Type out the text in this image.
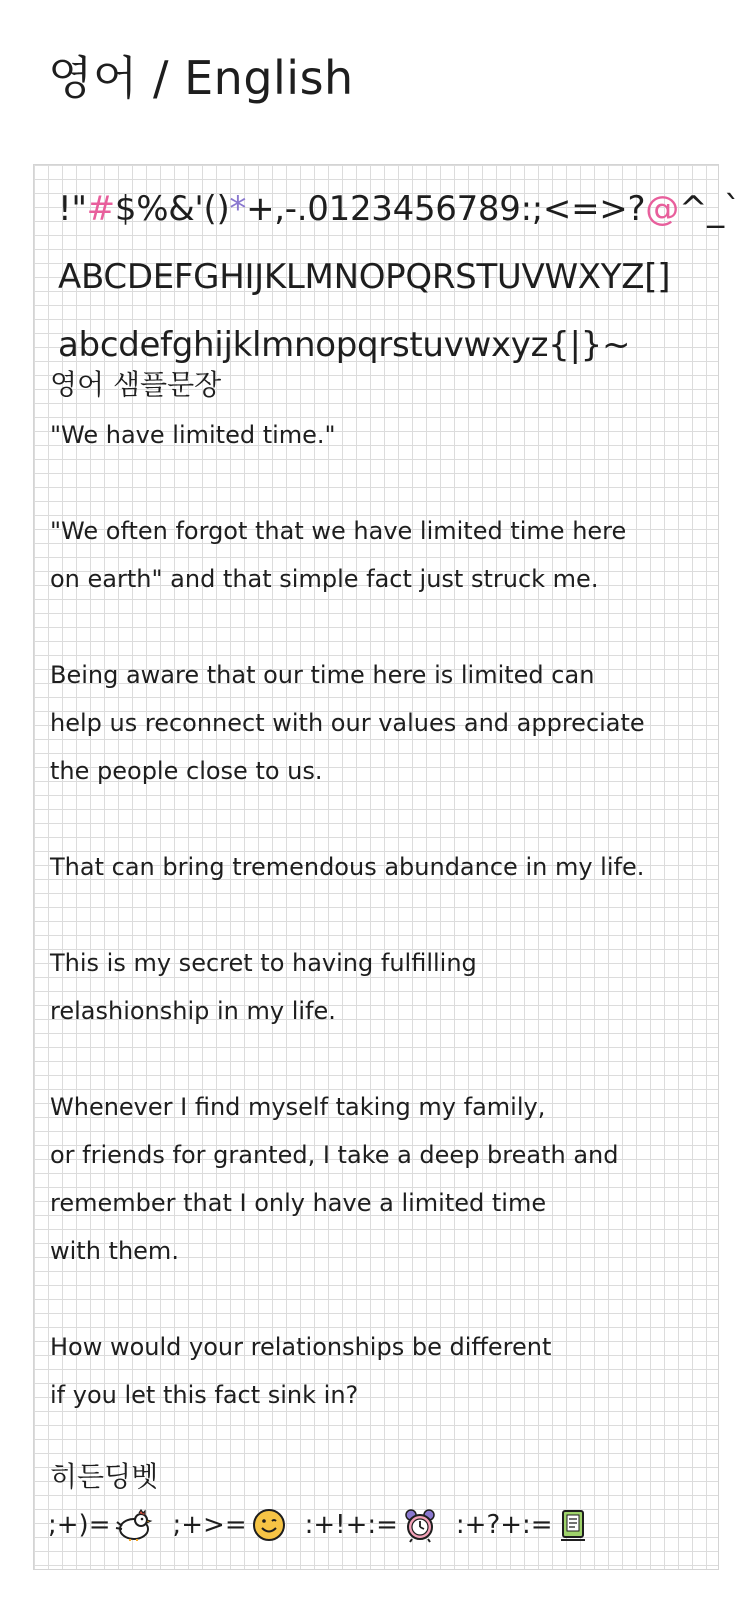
영어 / English
!"#$%&'()*+,-.0123456789:;<=>?@^_`
ABCDEFGHIJKLMNOPQRSTUVWXYZ[]
abcdefghijklmnopqrstuvwxyz{|}~
영어 샘플문장
"We have limited time."
"We often forgot that we have limited time here
on earth" and that simple fact just struck me.
Being aware that our time here is limited can
help us reconnect with our values and appreciate
the people close to us.
That can bring tremendous abundance in my life.
This is my secret to having fulfilling
relashionship in my life.
Whenever I find myself taking my family,
or friends for granted, I take a deep breath and
remember that I only have a limited time
with them.
How would your relationships be different
if you let this fact sink in?
히든딩벳
;+)= ;+>= :+!+:= :+?+:=
